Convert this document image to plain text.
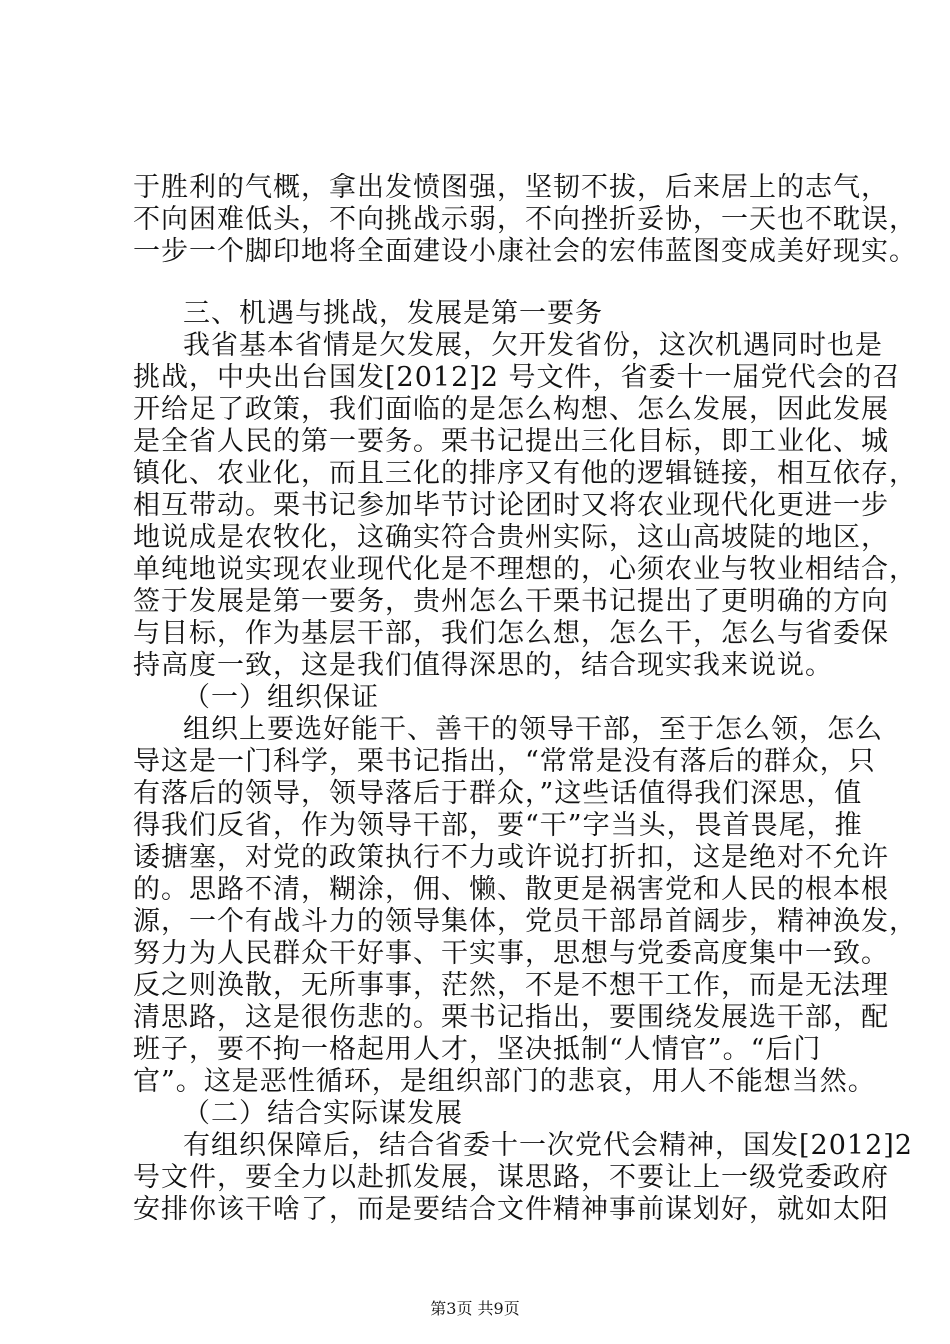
于胜利的气概，拿出发愤图强，坚韧不拔，后来居上的志气，
不向困难低头，不向挑战示弱，不向挫折妥协，一天也不耽误，
一步一个脚印地将全面建设小康社会的宏伟蓝图变成美好现实。
三、机遇与挑战，发展是第一要务
我省基本省情是欠发展，欠开发省份，这次机遇同时也是
挑战，中央出台国发[2012]2 号文件，省委十一届党代会的召
开给足了政策，我们面临的是怎么构想、怎么发展，因此发展
是全省人民的第一要务。栗书记提出三化目标，即工业化、城
镇化、农业化，而且三化的排序又有他的逻辑链接，相互依存，
相互带动。栗书记参加毕节讨论团时又将农业现代化更进一步
地说成是农牧化，这确实符合贵州实际，这山高坡陡的地区，
单纯地说实现农业现代化是不理想的，心须农业与牧业相结合，
签于发展是第一要务，贵州怎么干栗书记提出了更明确的方向
与目标，作为基层干部，我们怎么想，怎么干，怎么与省委保
持高度一致，这是我们值得深思的，结合现实我来说说。
（一）组织保证
组织上要选好能干、善干的领导干部，至于怎么领，怎么
导这是一门科学，栗书记指出，“常常是没有落后的群众，只
有落后的领导，领导落后于群众，”这些话值得我们深思，值
得我们反省，作为领导干部，要“干”字当头，畏首畏尾，推
诿搪塞，对党的政策执行不力或许说打折扣，这是绝对不允许
的。思路不清，糊涂，佣、懒、散更是祸害党和人民的根本根
源，一个有战斗力的领导集体，党员干部昂首阔步，精神涣发，
努力为人民群众干好事、干实事，思想与党委高度集中一致。
反之则涣散，无所事事，茫然，不是不想干工作，而是无法理
清思路，这是很伤悲的。栗书记指出，要围绕发展选干部，配
班子，要不拘一格起用人才，坚决抵制“人情官”。“后门
官”。这是恶性循环，是组织部门的悲哀，用人不能想当然。
（二）结合实际谋发展
有组织保障后，结合省委十一次党代会精神，国发[2012]2
号文件，要全力以赴抓发展，谋思路，不要让上一级党委政府
安排你该干啥了，而是要结合文件精神事前谋划好，就如太阳
第3页 共9页
